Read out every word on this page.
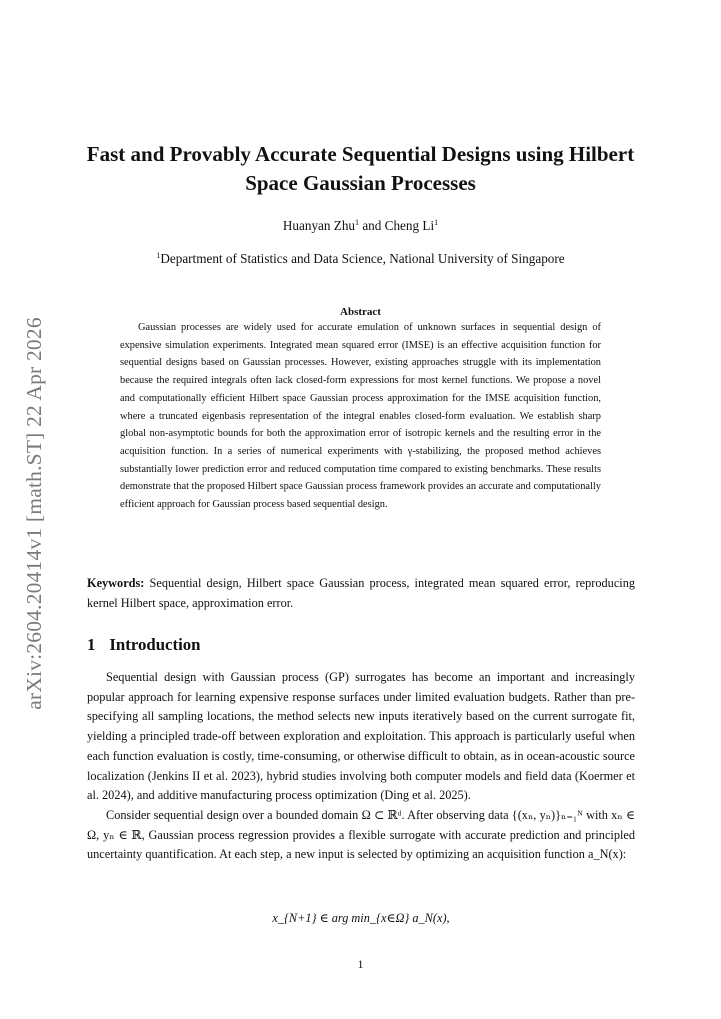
arXiv:2604.20414v1 [math.ST] 22 Apr 2026
Fast and Provably Accurate Sequential Designs using Hilbert Space Gaussian Processes
Huanyan Zhu$^1$ and Cheng Li$^1$
$^1$Department of Statistics and Data Science, National University of Singapore
Abstract
Gaussian processes are widely used for accurate emulation of unknown surfaces in sequential design of expensive simulation experiments. Integrated mean squared error (IMSE) is an effective acquisition function for sequential designs based on Gaussian processes. However, existing approaches struggle with its implementation because the required integrals often lack closed-form expressions for most kernel functions. We propose a novel and computationally efficient Hilbert space Gaussian process approximation for the IMSE acquisition function, where a truncated eigenbasis representation of the integral enables closed-form evaluation. We establish sharp global non-asymptotic bounds for both the approximation error of isotropic kernels and the resulting error in the acquisition function. In a series of numerical experiments with γ-stabilizing, the proposed method achieves substantially lower prediction error and reduced computation time compared to existing benchmarks. These results demonstrate that the proposed Hilbert space Gaussian process framework provides an accurate and computationally efficient approach for Gaussian process based sequential design.
Keywords: Sequential design, Hilbert space Gaussian process, integrated mean squared error, reproducing kernel Hilbert space, approximation error.
1 Introduction

Sequential design with Gaussian process (GP) surrogates has become an important and increasingly popular approach for learning expensive response surfaces under limited evaluation budgets. Rather than pre-specifying all sampling locations, the method selects new inputs iteratively based on the current surrogate fit, yielding a principled trade-off between exploration and exploitation. This approach is particularly useful when each function evaluation is costly, time-consuming, or otherwise difficult to obtain, as in ocean-acoustic source localization (Jenkins II et al. 2023), hybrid studies involving both computer models and field data (Koermer et al. 2024), and additive manufacturing process optimization (Ding et al. 2025).

Consider sequential design over a bounded domain Ω ⊂ ℝᵈ. After observing data {(xₙ, yₙ)}ₙ₌₁ᴺ with xₙ ∈ Ω, yₙ ∈ ℝ, Gaussian process regression provides a flexible surrogate with accurate prediction and principled uncertainty quantification. At each step, a new input is selected by optimizing an acquisition function a_N(x):

x_{N+1} ∈ arg min_{x∈Ω} a_N(x),
1
